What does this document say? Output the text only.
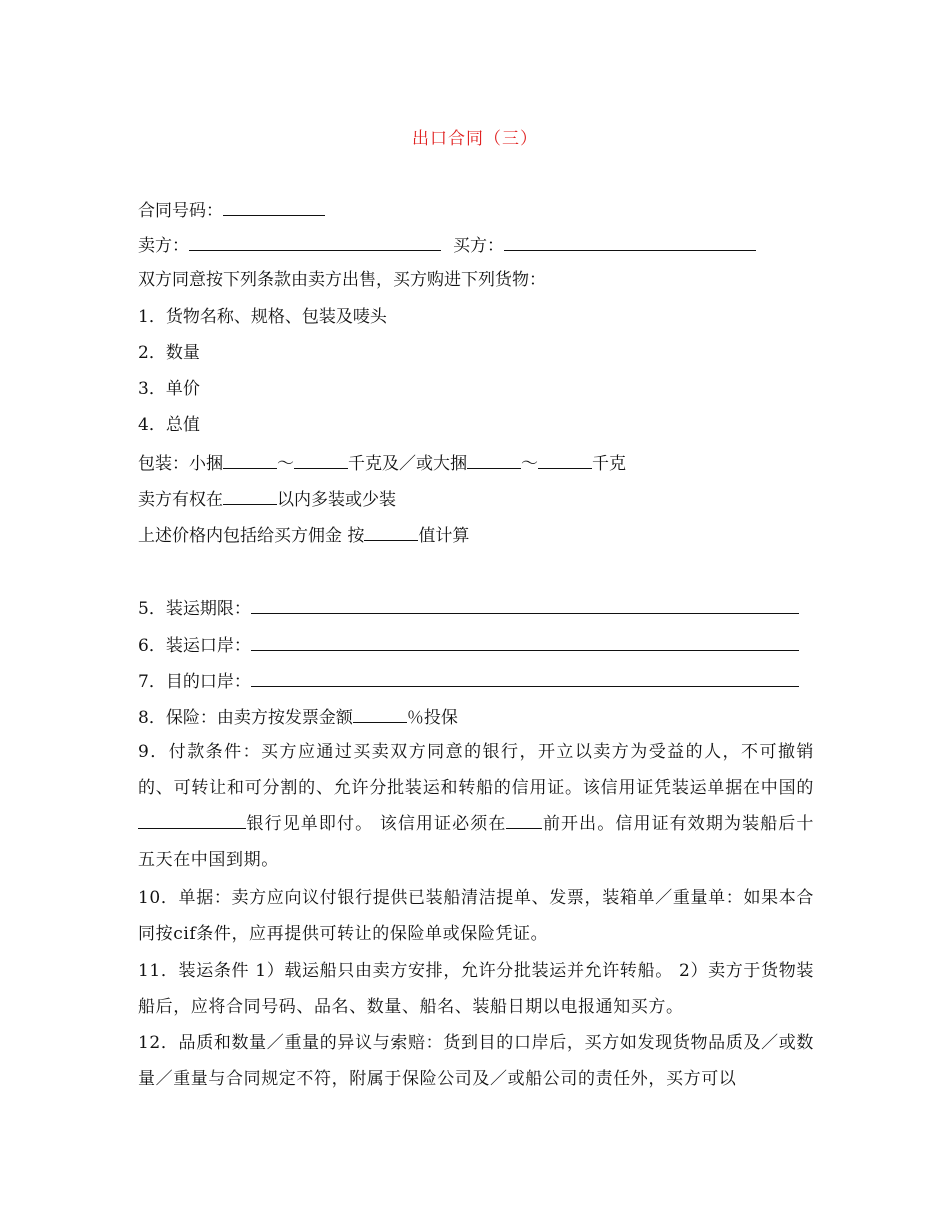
出口合同（三）
合同号码：
卖方：	买方：
双方同意按下列条款由卖方出售，买方购进下列货物：
1．货物名称、规格、包装及唛头
2．数量
3．单价
4．总值
包装：小捆	～	千克及／或大捆	～	千克
卖方有权在	以内多装或少装
上述价格内包括给买方佣金 按	值计算
5．装运期限：
6．装运口岸：
7．目的口岸：
8．保险：由卖方按发票金额	％投保
9．付款条件：买方应通过买卖双方同意的银行，开立以卖方为受益的人，不可撤销的、可转让和可分割的、允许分批装运和转船的信用证。该信用证凭装运单据在中国的银行见单即付。 该信用证必须在 前开出。信用证有效期为装船后十五天在中国到期。
10．单据：卖方应向议付银行提供已装船清洁提单、发票，装箱单／重量单：如果本合同按cif条件，应再提供可转让的保险单或保险凭证。
11．装运条件 1）载运船只由卖方安排，允许分批装运并允许转船。 2）卖方于货物装船后，应将合同号码、品名、数量、船名、装船日期以电报通知买方。
12．品质和数量／重量的异议与索赔：货到目的口岸后，买方如发现货物品质及／或数量／重量与合同规定不符，附属于保险公司及／或船公司的责任外，买方可以
